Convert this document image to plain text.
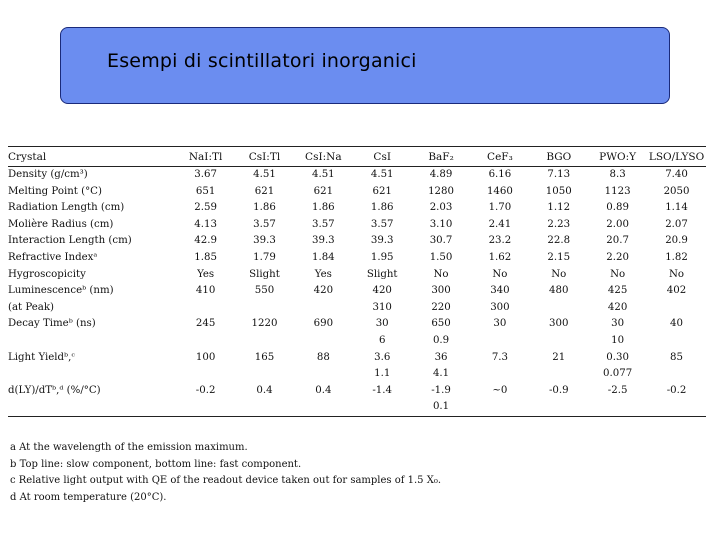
Esempi di scintillatori inorganici
Crystal	NaI:Tl	CsI:Tl	CsI:Na	CsI	BaF₂	CeF₃	BGO	PWO:Y	LSO/LYSO
Density (g/cm³)	3.67	4.51	4.51	4.51	4.89	6.16	7.13	8.3	7.40
Melting Point (°C)	651	621	621	621	1280	1460	1050	1123	2050
Radiation Length (cm)	2.59	1.86	1.86	1.86	2.03	1.70	1.12	0.89	1.14
Molière Radius (cm)	4.13	3.57	3.57	3.57	3.10	2.41	2.23	2.00	2.07
Interaction Length (cm)	42.9	39.3	39.3	39.3	30.7	23.2	22.8	20.7	20.9
Refractive Indexᵃ	1.85	1.79	1.84	1.95	1.50	1.62	2.15	2.20	1.82
Hygroscopicity	Yes	Slight	Yes	Slight	No	No	No	No	No
Luminescenceᵇ (nm)	410	550	420	420	300	340	480	425	402
(at Peak)				310	220	300		420	
Decay Timeᵇ (ns)	245	1220	690	30	650	30	300	30	40
				6	0.9			10	
Light Yieldᵇ,ᶜ	100	165	88	3.6	36	7.3	21	0.30	85
				1.1	4.1			0.077	
d(LY)/dTᵇ,ᵈ (%/°C)	-0.2	0.4	0.4	-1.4	-1.9	~0	-0.9	-2.5	-0.2
					0.1				
a At the wavelength of the emission maximum.
b Top line: slow component, bottom line: fast component.
c Relative light output with QE of the readout device taken out for samples of 1.5 X₀.
d At room temperature (20°C).
